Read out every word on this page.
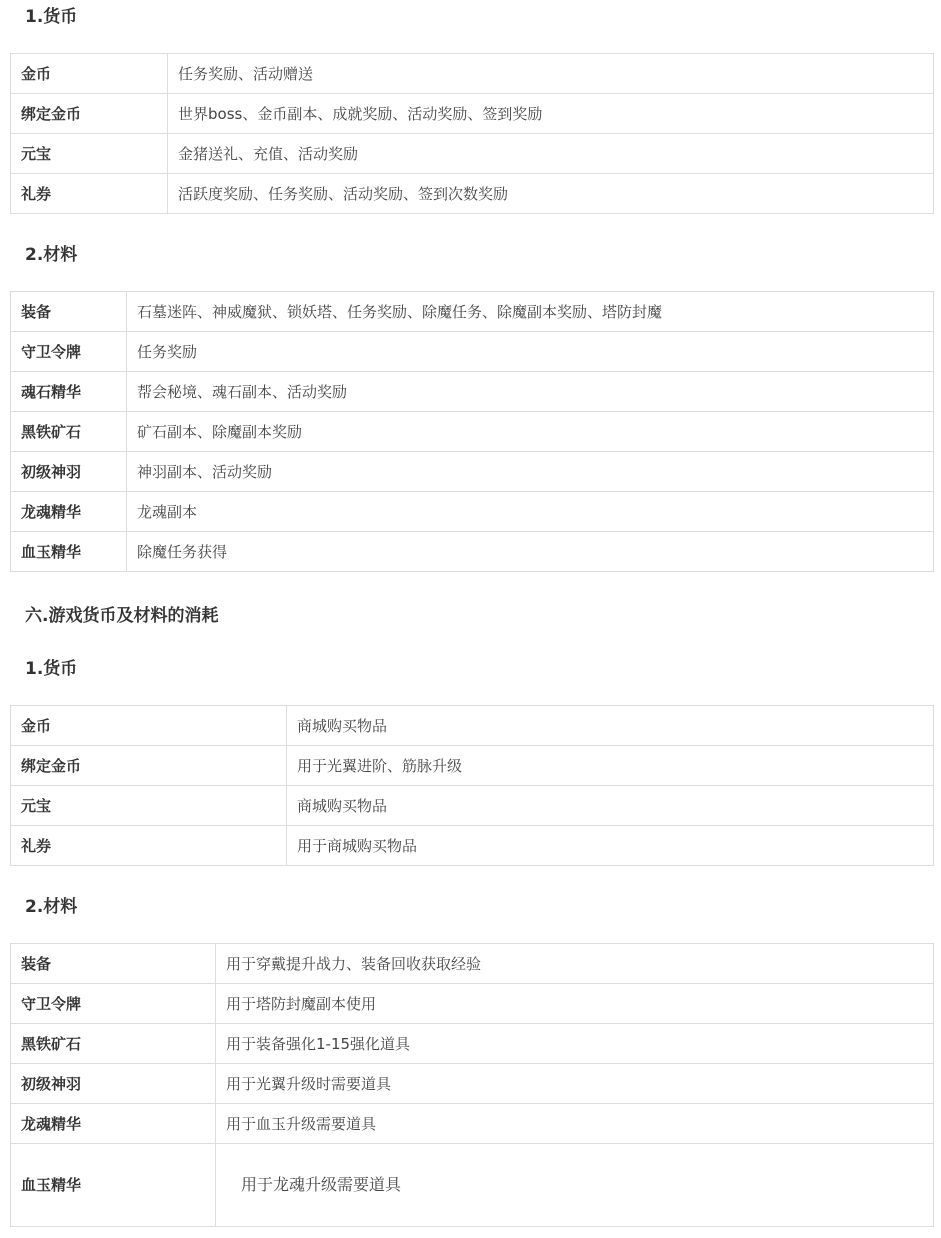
1.货币
金币	任务奖励、活动赠送
绑定金币	世界boss、金币副本、成就奖励、活动奖励、签到奖励
元宝	金猪送礼、充值、活动奖励
礼券	活跃度奖励、任务奖励、活动奖励、签到次数奖励
2.材料
装备	石墓迷阵、神威魔狱、锁妖塔、任务奖励、除魔任务、除魔副本奖励、塔防封魔
守卫令牌	任务奖励
魂石精华	帮会秘境、魂石副本、活动奖励
黑铁矿石	矿石副本、除魔副本奖励
初级神羽	神羽副本、活动奖励
龙魂精华	龙魂副本
血玉精华	除魔任务获得
六.游戏货币及材料的消耗
1.货币
金币	商城购买物品
绑定金币	用于光翼进阶、筋脉升级
元宝	商城购买物品
礼券	用于商城购买物品
2.材料
装备	用于穿戴提升战力、装备回收获取经验
守卫令牌	用于塔防封魔副本使用
黑铁矿石	用于装备强化1-15强化道具
初级神羽	用于光翼升级时需要道具
龙魂精华	用于血玉升级需要道具
血玉精华	用于龙魂升级需要道具
